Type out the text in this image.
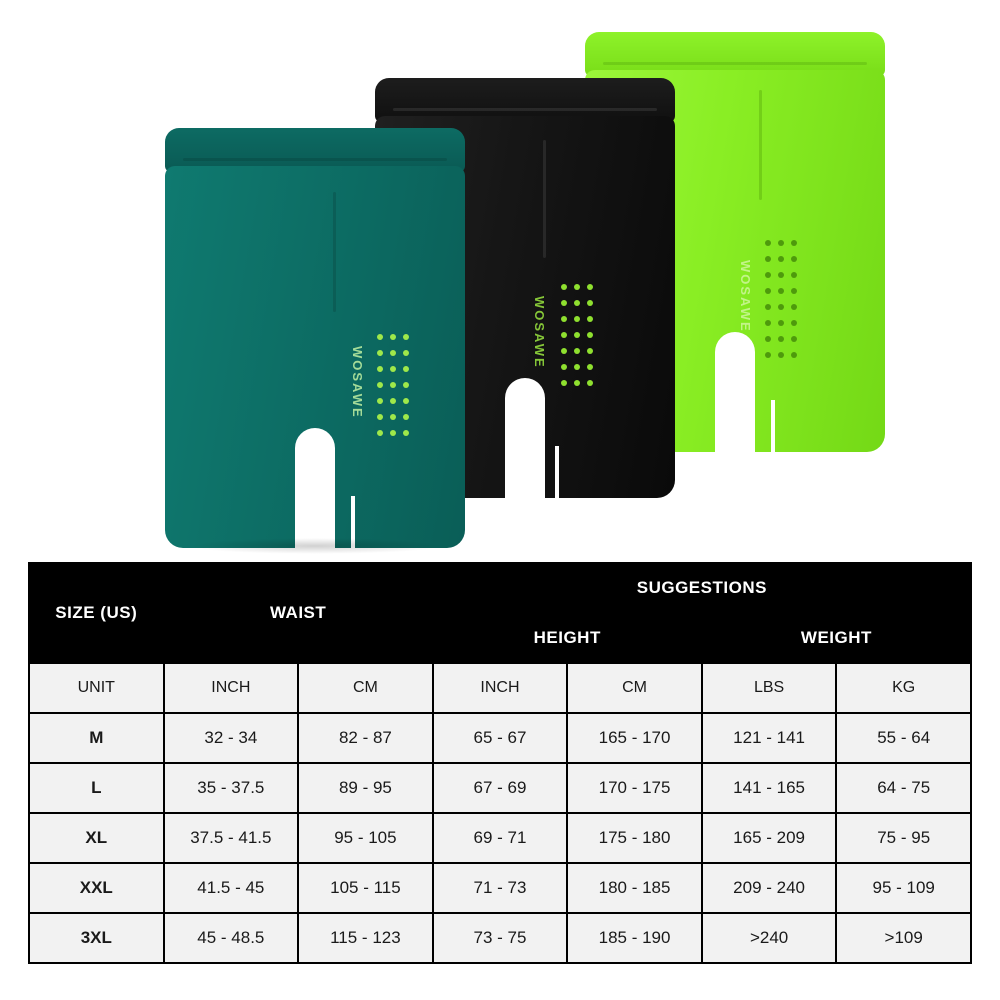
WOSAWE
WOSAWE
WOSAWE
SIZE (US)	WAIST		SUGGESTIONS			
			HEIGHT		WEIGHT	
UNIT	INCH	CM	INCH	CM	LBS	KG
M	32 - 34	82 - 87	65 - 67	165 - 170	121 - 141	55 - 64
L	35 - 37.5	89 - 95	67 - 69	170 - 175	141 - 165	64 - 75
XL	37.5 - 41.5	95 - 105	69 - 71	175 - 180	165 - 209	75 - 95
XXL	41.5 - 45	105 - 115	71 - 73	180 - 185	209 - 240	95 - 109
3XL	45 - 48.5	115 - 123	73 - 75	185 - 190	>240	>109
